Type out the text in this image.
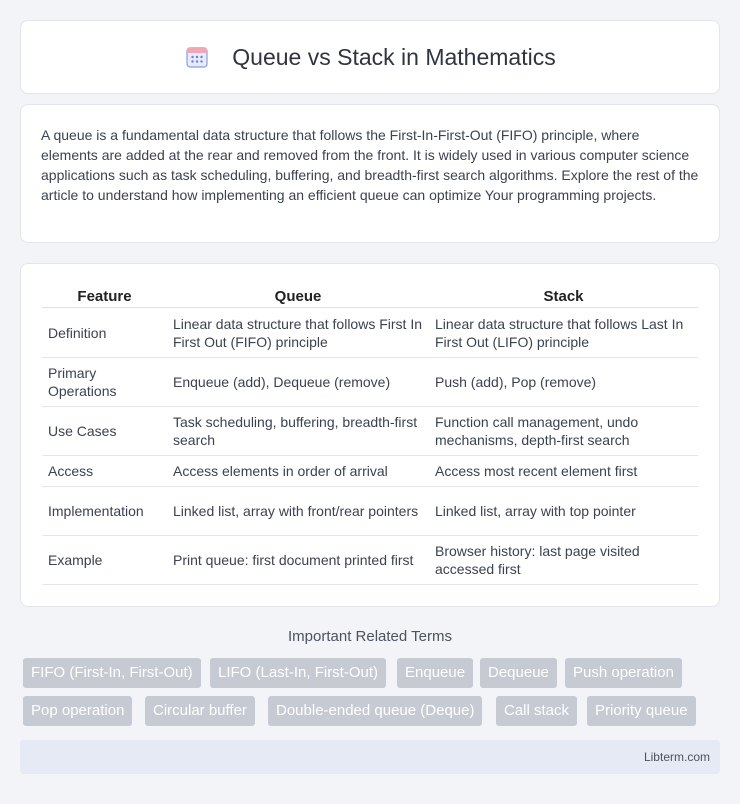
Queue vs Stack in Mathematics

A queue is a fundamental data structure that follows the First-In-First-Out (FIFO) principle, where elements are added at the rear and removed from the front. It is widely used in various computer science applications such as task scheduling, buffering, and breadth-first search algorithms. Explore the rest of the article to understand how implementing an efficient queue can optimize Your programming projects.

Feature	Queue	Stack
Definition	Linear data structure that follows First In First Out (FIFO) principle	Linear data structure that follows Last In First Out (LIFO) principle
Primary Operations	Enqueue (add), Dequeue (remove)	Push (add), Pop (remove)
Use Cases	Task scheduling, buffering, breadth-first search	Function call management, undo mechanisms, depth-first search
Access	Access elements in order of arrival	Access most recent element first
Implementation	Linked list, array with front/rear pointers	Linked list, array with top pointer
Example	Print queue: first document printed first	Browser history: last page visited accessed first
Important Related Terms
FIFO (First-In, First-Out)	LIFO (Last-In, First-Out)	Enqueue	Dequeue	Push operation
Pop operation	Circular buffer	Double-ended queue (Deque)	Call stack	Priority queue
Libterm.com
